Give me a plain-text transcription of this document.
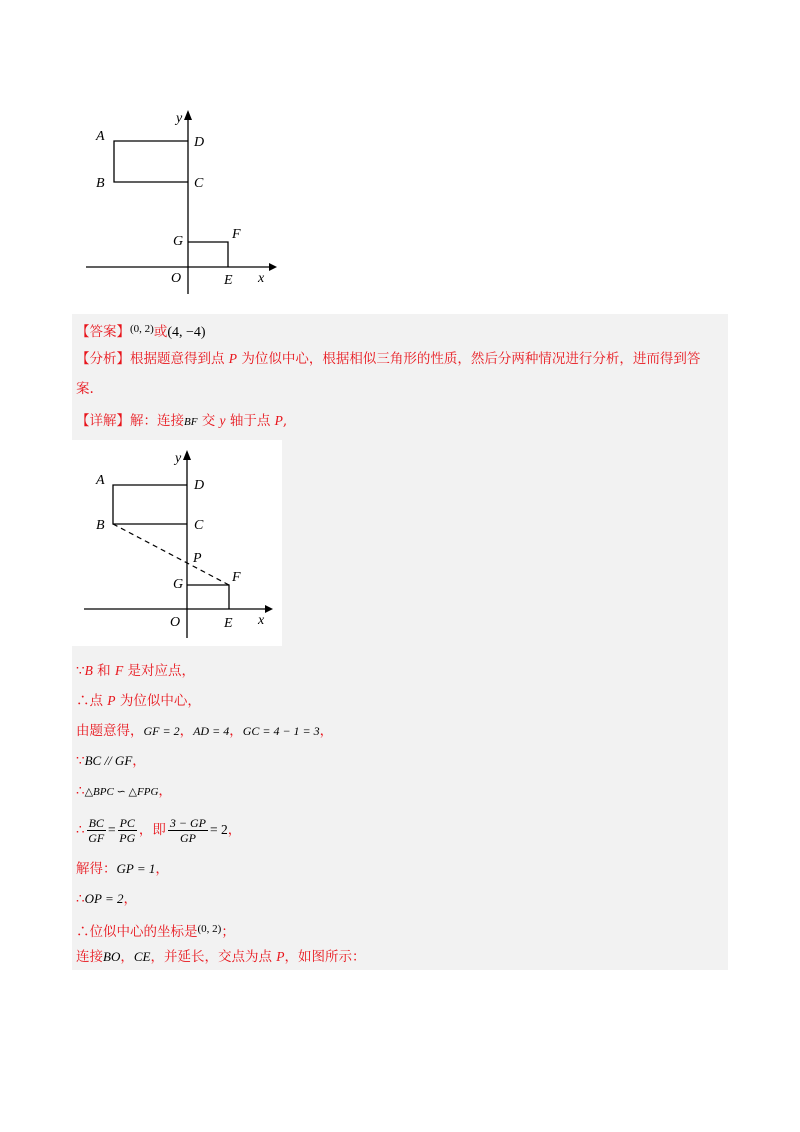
y
x
A
B	C
D
G	F
O	E
【答案】$^{(0, 2)}$或(4, −4)
【分析】根据题意得到点 P 为位似中心，根据相似三角形的性质，然后分两种情况进行分析，进而得到答
案.
【详解】解：连接BF 交 y 轴于点 P,
y
x
A
B	C
D
P
G	F
O	E
∵B 和 F 是对应点，
∴点 P 为位似中心，
由题意得，GF = 2，AD = 4，GC = 4 − 1 = 3，
∵BC // GF，
∴△BPC ∽ △FPG，
∴ $\frac{BC}{GF} = \frac{PC}{PG}$ ，即 $\frac{3 - GP}{GP} = 2$，
解得：GP = 1，
∴OP = 2，
∴位似中心的坐标是$^{(0, 2)}$；
连接BO，CE，并延长，交点为点 P，如图所示：
